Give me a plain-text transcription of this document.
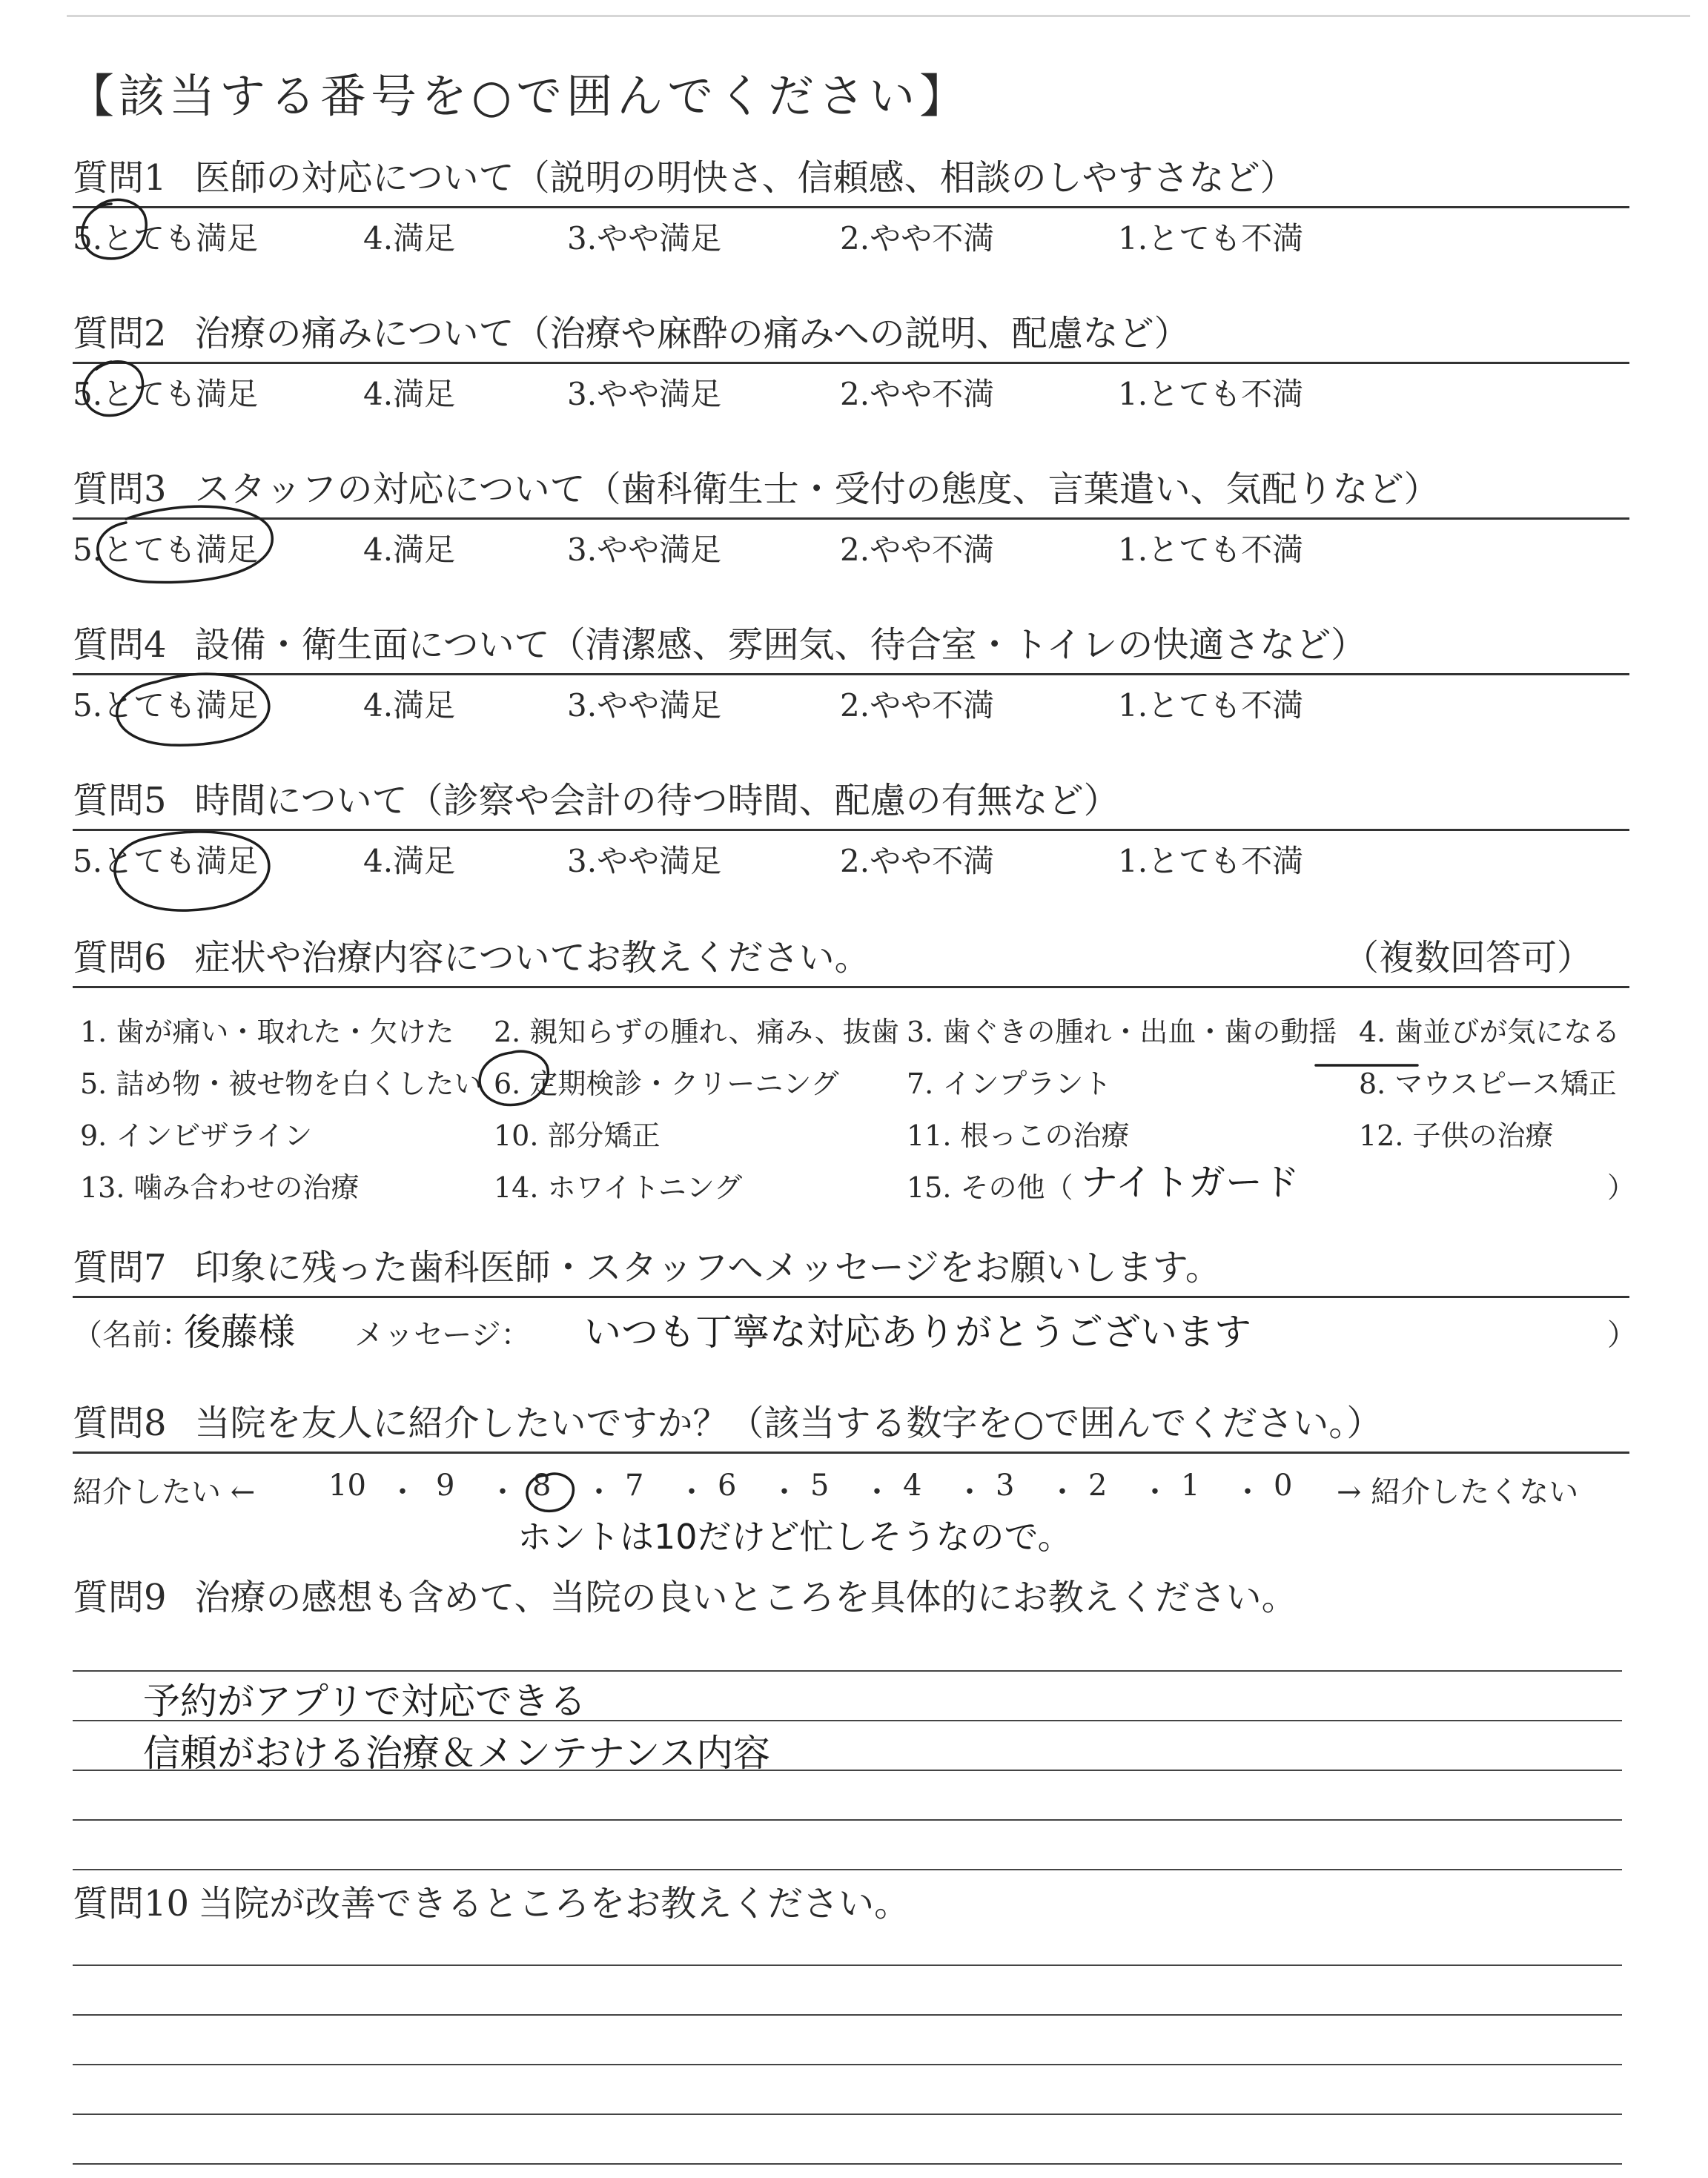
【該当する番号を○で囲んでください】
質問1 医師の対応について（説明の明快さ、信頼感、相談のしやすさなど）
5.とても満足	4.満足	3.やや満足	2.やや不満	1.とても不満
質問2 治療の痛みについて（治療や麻酔の痛みへの説明、配慮など）
5.とても満足	4.満足	3.やや満足	2.やや不満	1.とても不満
質問3 スタッフの対応について（歯科衛生士・受付の態度、言葉遣い、気配りなど）
5.とても満足	4.満足	3.やや満足	2.やや不満	1.とても不満
質問4 設備・衛生面について（清潔感、雰囲気、待合室・トイレの快適さなど）
5.とても満足	4.満足	3.やや満足	2.やや不満	1.とても不満
質問5 時間について（診察や会計の待つ時間、配慮の有無など）
5.とても満足	4.満足	3.やや満足	2.やや不満	1.とても不満
質問6 症状や治療内容についてお教えください。	（複数回答可）
1. 歯が痛い・取れた・欠けた 2. 親知らずの腫れ、痛み、抜歯 3. 歯ぐきの腫れ・出血・歯の動揺 4. 歯並びが気になる
5. 詰め物・被せ物を白くしたい 6. 定期検診・クリーニング 7. インプラント	8. マウスピース矯正
9. インビザライン	10. 部分矯正	11. 根っこの治療	12. 子供の治療
13. 噛み合わせの治療	14. ホワイトニング	15. その他（ ナイトガード	）
質問7 印象に残った歯科医師・スタッフへメッセージをお願いします。
（名前：
後藤様 メッセージ： いつも丁寧な対応ありがとうございます	）
質問8 当院を友人に紹介したいですか？（該当する数字を○で囲んでください。）
紹介したい ← 10 ・ 9 ・ 8 ・ 7 ・ 6 ・ 5 ・ 4 ・ 3 ・ 2 ・ 1 ・ 0 → 紹介したくない
ホントは10だけど忙しそうなので。
質問9 治療の感想も含めて、当院の良いところを具体的にお教えください。
予約がアプリで対応できる
信頼がおける治療＆メンテナンス内容
質問10 当院が改善できるところをお教えください。
